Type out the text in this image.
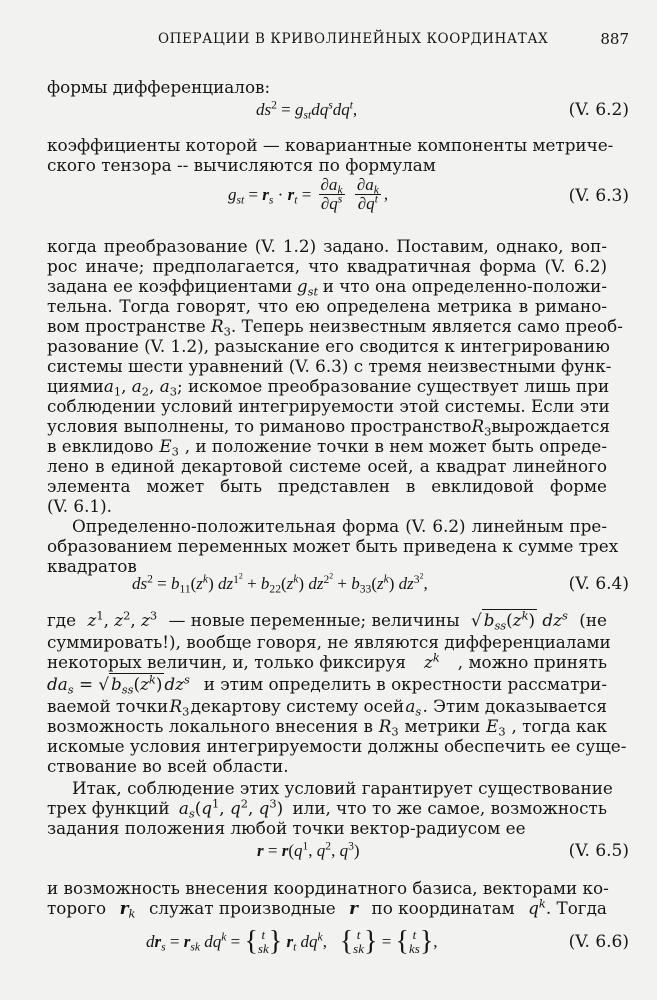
ОПЕРАЦИИ В КРИВОЛИНЕЙНЫХ КООРДИНАТАХ	887
формы дифференциалов:
$ds^2 = g_{st}dq^sdq^t$,	(V. 6.2)
коэффициенты которой — ковариантные компоненты метриче-
ского тензора -- вычисляются по формулам
$g_{st} = r_s \cdot r_t = \frac{\partial a_k}{\partial q^s}$
$\frac{\partial a_k}{\partial q^t}$ ,	(V. 6.3)
когда преобразование (V. 1.2) задано. Поставим, однако, воп-
рос иначе; предполагается, что квадратичная форма (V. 6.2)
задана ее коэффициентами $g_{st}$ и что она определенно-положи-
тельна. Тогда говорят, что ею определена метрика в римано-
вом пространстве $R_3$ . Теперь неизвестным является само преоб-
разование (V. 1.2), разыскание его сводится к интегрированию
системы шести уравнений (V. 6.3) с тремя неизвестными функ-
циями $a_1$, $a_2$, $a_3$ ; искомое преобразование существует лишь при
соблюдении условий интегрируемости этой системы. Если эти
условия выполнены, то риманово пространство $R_3$ вырождается
в евклидово $E_3$ , и положение точки в нем может быть опреде-
лено в единой декартовой системе осей, а квадрат линейного
элемента может быть представлен в евклидовой форме
(V. 6.1).
Определенно-положительная форма (V. 6.2) линейным пре-
образованием переменных может быть приведена к сумме трех
квадратов
$ds^2 = b_{11}(z^k) dz^{1^2} + b_{22}(z^k) dz^{2^2} + b_{33}(z^k)$ $dz^{3^2}$,	(V. 6.4)
где $z^1$, $z^2$, $z^3$ — новые переменные; величины √ $b_{ss}(z^k)$ $dz^s$ (не
суммировать!), вообще говоря, не являются дифференциалами
некоторых величин, и, только фиксируя $z^k$ , можно принять
$da_s$ = √ $b_{ss}(z^k)$ $dz^s$ и этим определить в окрестности рассматри-
ваемой точки $R_3$ декартову систему осей $a_s$ . Этим доказывается
возможность локального внесения в $R_3$ метрики $E_3$ , тогда как
искомые условия интегрируемости должны обеспечить ее суще-
ствование во всей области.
Итак, соблюдение этих условий гарантирует существование
трех функций $a_s(q^1$, $q^2$, $q^3$) или, что то же самое, возможность
задания положения любой точки вектор-радиусом ее
$r = r(q^1$, $q^2$, $q^3$)	(V. 6.5)
и возможность внесения координатного базиса, векторами ко-
торого $r_k$ служат производные r по координатам $q^k$. Тогда
$dr_s = r_{sk}$ $dq^k$ = { t
sk} $r_t$ $dq^k$,   { t
sk} = { t
ks},	(V. 6.6)
